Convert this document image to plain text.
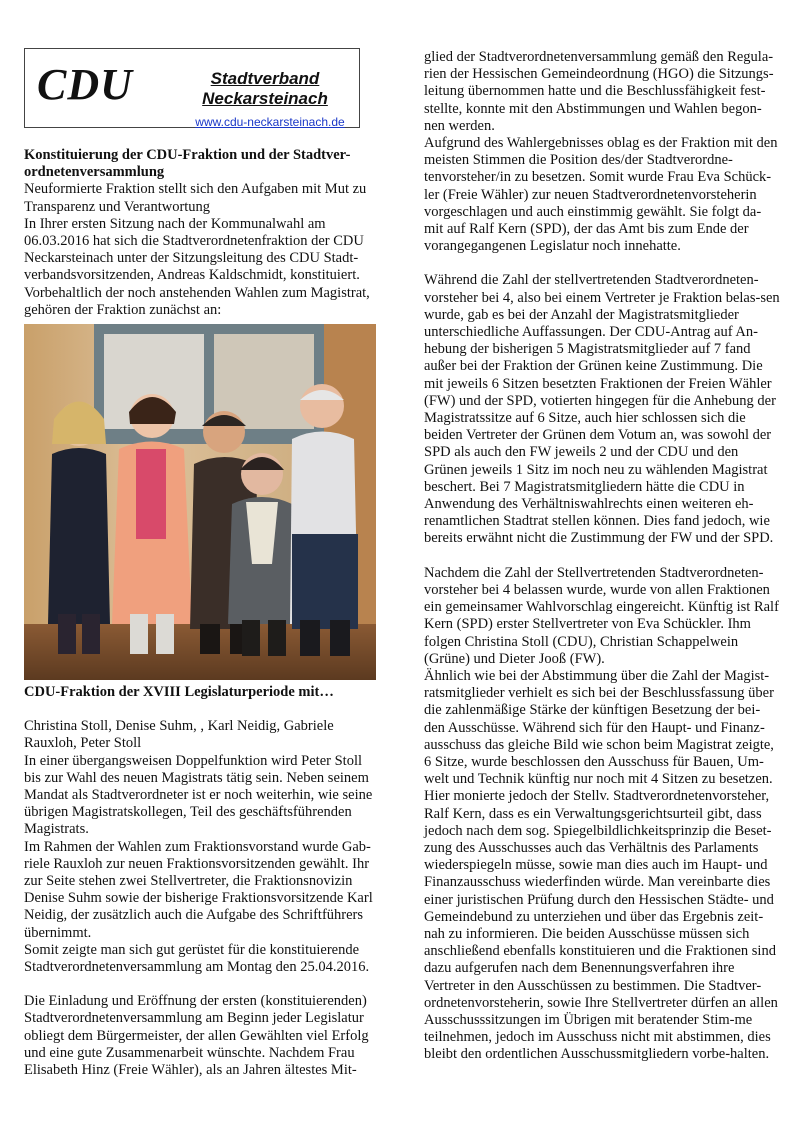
CDU	Stadtverband
Neckarsteinach
www.cdu-neckarsteinach.de

Konstituierung der CDU-Fraktion und der Stadtver-ordnetenversammlung

Neuformierte Fraktion stellt sich den Aufgaben mit Mut zu Transparenz und Verantwortung

In Ihrer ersten Sitzung nach der Kommunalwahl am 06.03.2016 hat sich die Stadtverordnetenfraktion der CDU Neckarsteinach unter der Sitzungsleitung des CDU Stadt-verbandsvorsitzenden, Andreas Kaldschmidt, konstituiert. Vorbehaltlich der noch anstehenden Wahlen zum Magistrat, gehören der Fraktion zunächst an:

CDU-Fraktion der XVIII Legislaturperiode mit…

Christina Stoll, Denise Suhm, , Karl Neidig, Gabriele Rauxloh, Peter Stoll

In einer übergangsweisen Doppelfunktion wird Peter Stoll bis zur Wahl des neuen Magistrats tätig sein. Neben seinem Mandat als Stadtverordneter ist er noch weiterhin, wie seine übrigen Magistratskollegen, Teil des geschäftsführenden Magistrats.

Im Rahmen der Wahlen zum Fraktionsvorstand wurde Gab-riele Rauxloh zur neuen Fraktionsvorsitzenden gewählt. Ihr zur Seite stehen zwei Stellvertreter, die Fraktionsnovizin Denise Suhm sowie der bisherige Fraktionsvorsitzende Karl Neidig, der zusätzlich auch die Aufgabe des Schriftführers übernimmt.

Somit zeigte man sich gut gerüstet für die konstituierende Stadtverordnetenversammlung am Montag den 25.04.2016.

Die Einladung und Eröffnung der ersten (konstituierenden) Stadtverordnetenversammlung am Beginn jeder Legislatur obliegt dem Bürgermeister, der allen Gewählten viel Erfolg und eine gute Zusammenarbeit wünschte. Nachdem Frau Elisabeth Hinz (Freie Wähler), als an Jahren ältestes Mit-

glied der Stadtverordnetenversammlung gemäß den Regula-rien der Hessischen Gemeindeordnung (HGO) die Sitzungs-leitung übernommen hatte und die Beschlussfähigkeit fest-stellte, konnte mit den Abstimmungen und Wahlen begon-nen werden.

Aufgrund des Wahlergebnisses oblag es der Fraktion mit den meisten Stimmen die Position des/der Stadtverordne-tenvorsteher/in zu besetzen. Somit wurde Frau Eva Schück-ler (Freie Wähler) zur neuen Stadtverordnetenvorsteherin vorgeschlagen und auch einstimmig gewählt. Sie folgt da-mit auf Ralf Kern (SPD), der das Amt bis zum Ende der vorangegangenen Legislatur noch innehatte.

Während die Zahl der stellvertretenden Stadtverordneten-vorsteher bei 4, also bei einem Vertreter je Fraktion belas-sen wurde, gab es bei der Anzahl der Magistratsmitglieder unterschiedliche Auffassungen. Der CDU-Antrag auf An-hebung der bisherigen 5 Magistratsmitglieder auf 7 fand außer bei der Fraktion der Grünen keine Zustimmung. Die mit jeweils 6 Sitzen besetzten Fraktionen der Freien Wähler (FW) und der SPD, votierten hingegen für die Anhebung der Magistratssitze auf 6 Sitze, auch hier schlossen sich die beiden Vertreter der Grünen dem Votum an, was sowohl der SPD als auch den FW jeweils 2 und der CDU und den Grünen jeweils 1 Sitz im noch neu zu wählenden Magistrat beschert. Bei 7 Magistratsmitgliedern hätte die CDU in Anwendung des Verhältniswahlrechts einen weiteren eh-renamtlichen Stadtrat stellen können. Dies fand jedoch, wie bereits erwähnt nicht die Zustimmung der FW und der SPD.

Nachdem die Zahl der Stellvertretenden Stadtverordneten-vorsteher bei 4 belassen wurde, wurde von allen Fraktionen ein gemeinsamer Wahlvorschlag eingereicht. Künftig ist Ralf Kern (SPD) erster Stellvertreter von Eva Schückler. Ihm folgen Christina Stoll (CDU), Christian Schappelwein (Grüne) und Dieter Jooß (FW).

Ähnlich wie bei der Abstimmung über die Zahl der Magist-ratsmitglieder verhielt es sich bei der Beschlussfassung über die zahlenmäßige Stärke der künftigen Besetzung der bei-den Ausschüsse. Während sich für den Haupt- und Finanz-ausschuss das gleiche Bild wie schon beim Magistrat zeigte, 6 Sitze, wurde beschlossen den Ausschuss für Bauen, Um-welt und Technik künftig nur noch mit 4 Sitzen zu besetzen. Hier monierte jedoch der Stellv. Stadtverordnetenvorsteher, Ralf Kern, dass es ein Verwaltungsgerichtsurteil gibt, dass jedoch nach dem sog. Spiegelbildlichkeitsprinzip die Beset-zung des Ausschusses auch das Verhältnis des Parlaments wiederspiegeln müsse, sowie man dies auch im Haupt- und Finanzausschuss wiederfinden würde. Man vereinbarte dies einer juristischen Prüfung durch den Hessischen Städte- und Gemeindebund zu unterziehen und über das Ergebnis zeit-nah zu informieren. Die beiden Ausschüsse müssen sich anschließend ebenfalls konstituieren und die Fraktionen sind dazu aufgerufen nach dem Benennungsverfahren ihre Vertreter in den Ausschüssen zu bestimmen. Die Stadtver-ordnetenvorsteherin, sowie Ihre Stellvertreter dürfen an allen Ausschusssitzungen im Übrigen mit beratender Stim-me teilnehmen, jedoch im Ausschuss nicht mit abstimmen, dies bleibt den ordentlichen Ausschussmitgliedern vorbe-halten.
